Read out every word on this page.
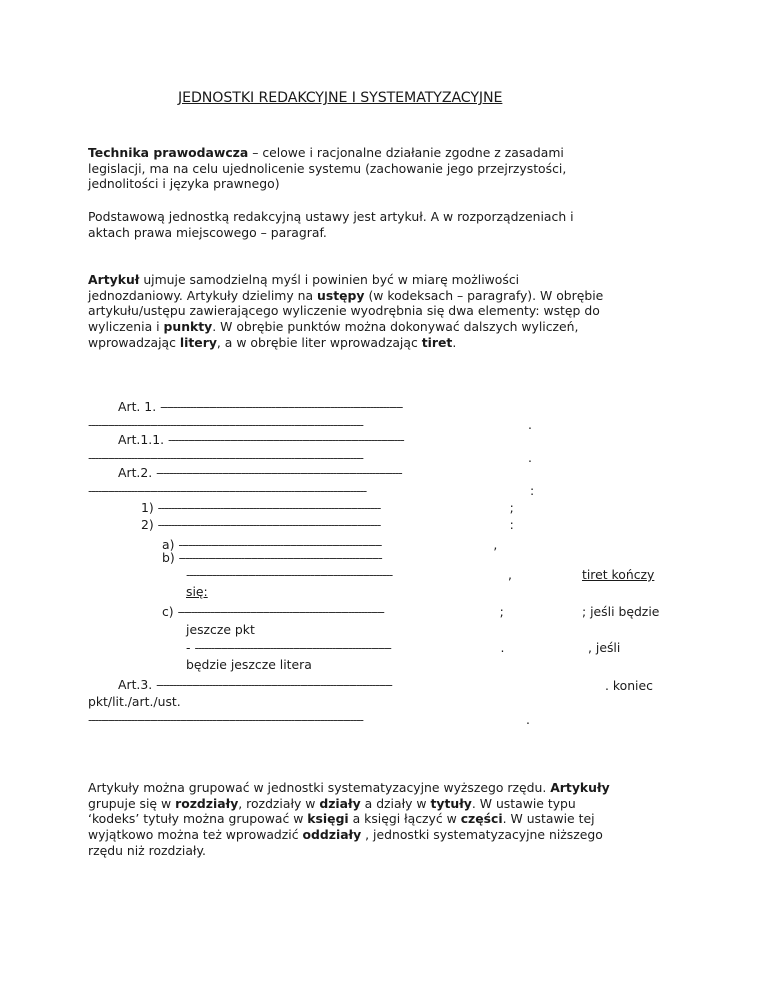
JEDNOSTKI REDAKCYJNE I SYSTEMATYZACYJNE

Technika prawodawcza – celowe i racjonalne działanie zgodne z zasadami

legislacji, ma na celu ujednolicenie systemu (zachowanie jego przejrzystości,

jednolitości i języka prawnego)

Podstawową jednostką redakcyjną ustawy jest artykuł. A w rozporządzeniach i

aktach prawa miejscowego – paragraf.

Artykuł ujmuje samodzielną myśl i powinien być w miarę możliwości

jednozdaniowy. Artykuły dzielimy na ustępy (w kodeksach – paragrafy). W obrębie

artykułu/ustępu zawierającego wyliczenie wyodrębnia się dwa elementy: wstęp do

wyliczenia i punkty. W obrębie punktów można dokonywać dalszych wyliczeń,

wprowadzając litery, a w obrębie liter wprowadzając tiret.

Art. 1. --------------------------------------------------------------------------
------------------------------------------------------------------------------------	.
Art.1.1. ------------------------------------------------------------------------
------------------------------------------------------------------------------------	.
Art.2. ---------------------------------------------------------------------------
-------------------------------------------------------------------------------------	:
1) --------------------------------------------------------------------	;
2) --------------------------------------------------------------------	:
a) --------------------------------------------------------------	,
b) --------------------------------------------------------------
---------------------------------------------------------------	,	tiret kończy
się:
c) ---------------------------------------------------------------	;	; jeśli będzie
jeszcze pkt
- ------------------------------------------------------------	.	, jeśli
będzie jeszcze litera
Art.3. ------------------------------------------------------------------------	. koniec
pkt/lit./art./ust.
------------------------------------------------------------------------------------	.

Artykuły można grupować w jednostki systematyzacyjne wyższego rzędu. Artykuły

grupuje się w rozdziały, rozdziały w działy a działy w tytuły. W ustawie typu

‘kodeks’ tytuły można grupować w księgi a księgi łączyć w części. W ustawie tej

wyjątkowo można też wprowadzić oddziały , jednostki systematyzacyjne niższego

rzędu niż rozdziały.
